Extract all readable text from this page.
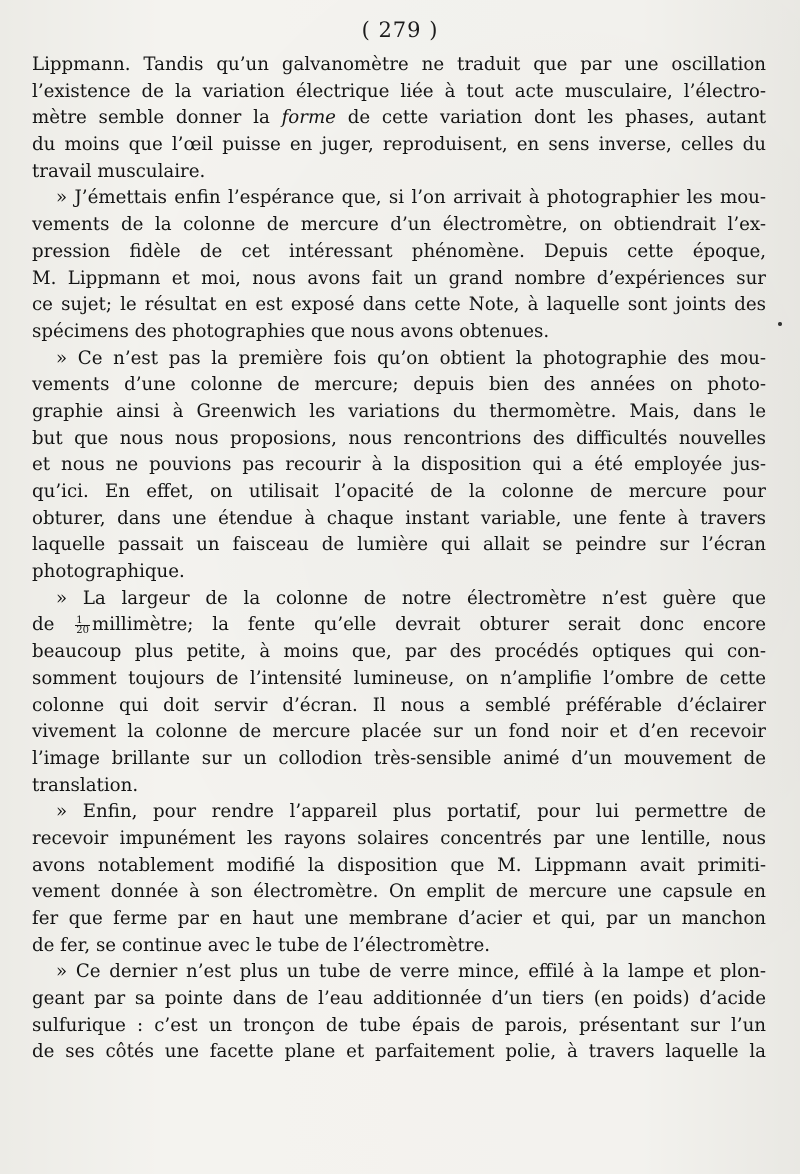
( 279 )
Lippmann. Tandis qu’un galvanomètre ne traduit que par une oscillation
l’existence de la variation électrique liée à tout acte musculaire, l’électro-
mètre semble donner la forme de cette variation dont les phases, autant
du moins que l’œil puisse en juger, reproduisent, en sens inverse, celles du
travail musculaire.
» J’émettais enfin l’espérance que, si l’on arrivait à photographier les mou-
vements de la colonne de mercure d’un électromètre, on obtiendrait l’ex-
pression fidèle de cet intéressant phénomène. Depuis cette époque,
M. Lippmann et moi, nous avons fait un grand nombre d’expériences sur
ce sujet; le résultat en est exposé dans cette Note, à laquelle sont joints des
spécimens des photographies que nous avons obtenues.
» Ce n’est pas la première fois qu’on obtient la photographie des mou-
vements d’une colonne de mercure; depuis bien des années on photo-
graphie ainsi à Greenwich les variations du thermomètre. Mais, dans le
but que nous nous proposions, nous rencontrions des difficultés nouvelles
et nous ne pouvions pas recourir à la disposition qui a été employée jus-
qu’ici. En effet, on utilisait l’opacité de la colonne de mercure pour
obturer, dans une étendue à chaque instant variable, une fente à travers
laquelle passait un faisceau de lumière qui allait se peindre sur l’écran
photographique.
» La largeur de la colonne de notre électromètre n’est guère que
de $\frac{1}{20}$ millimètre; la fente qu’elle devrait obturer serait donc encore
beaucoup plus petite, à moins que, par des procédés optiques qui con-
somment toujours de l’intensité lumineuse, on n’amplifie l’ombre de cette
colonne qui doit servir d’écran. Il nous a semblé préférable d’éclairer
vivement la colonne de mercure placée sur un fond noir et d’en recevoir
l’image brillante sur un collodion très-sensible animé d’un mouvement de
translation.
» Enfin, pour rendre l’appareil plus portatif, pour lui permettre de
recevoir impunément les rayons solaires concentrés par une lentille, nous
avons notablement modifié la disposition que M. Lippmann avait primiti-
vement donnée à son électromètre. On emplit de mercure une capsule en
fer que ferme par en haut une membrane d’acier et qui, par un manchon
de fer, se continue avec le tube de l’électromètre.
» Ce dernier n’est plus un tube de verre mince, effilé à la lampe et plon-
geant par sa pointe dans de l’eau additionnée d’un tiers (en poids) d’acide
sulfurique : c’est un tronçon de tube épais de parois, présentant sur l’un
de ses côtés une facette plane et parfaitement polie, à travers laquelle la
